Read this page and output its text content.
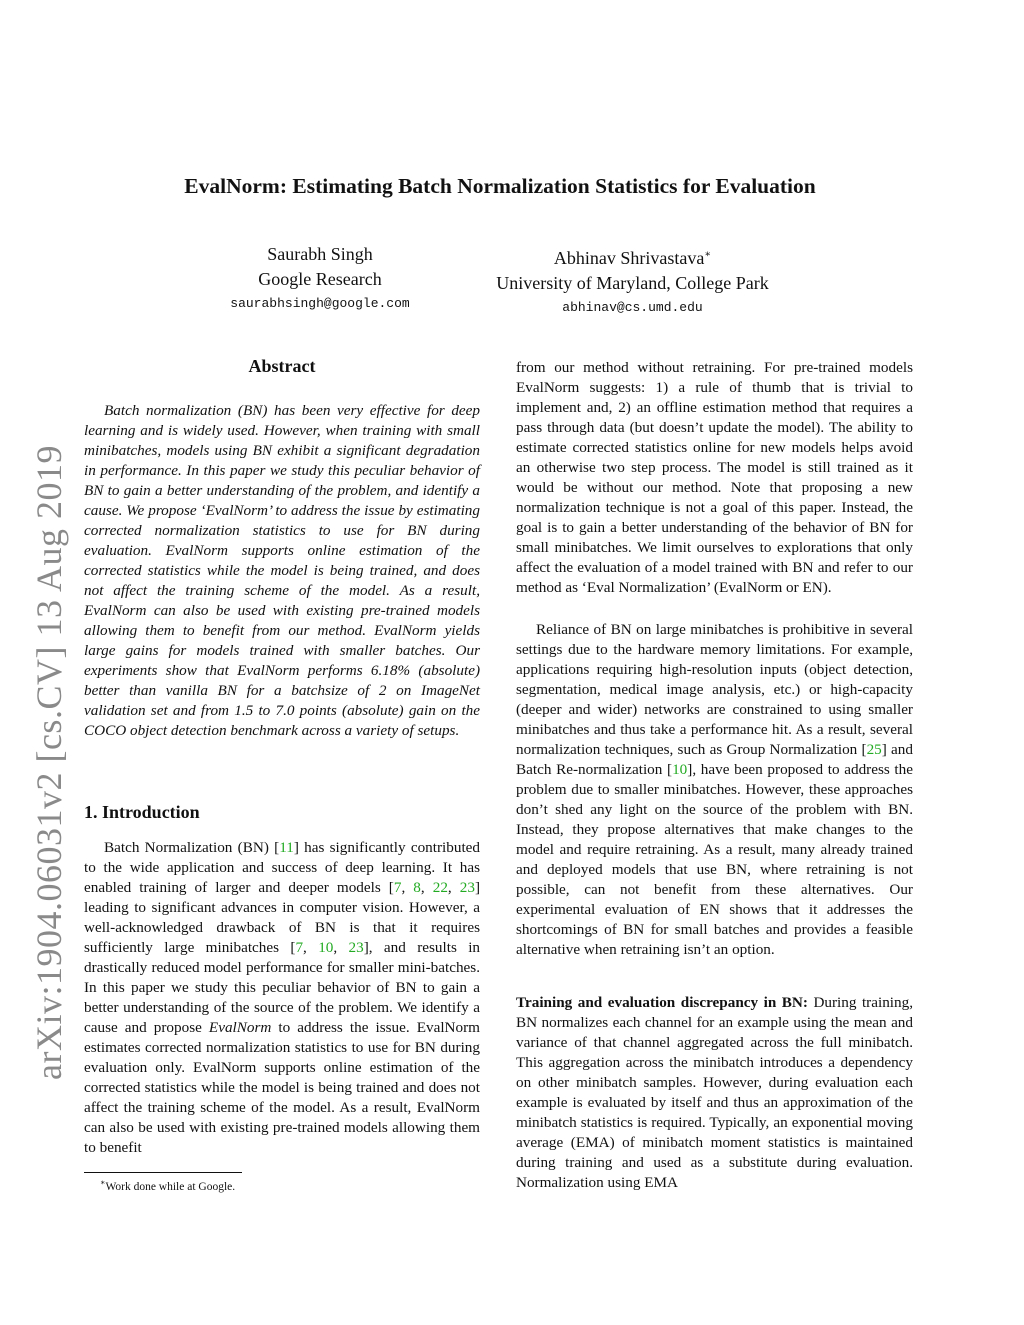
arXiv:1904.06031v2 [cs.CV] 13 Aug 2019
EvalNorm: Estimating Batch Normalization Statistics for Evaluation
Saurabh Singh
Google Research
saurabhsingh@google.com
Abhinav Shrivastava∗
University of Maryland, College Park
abhinav@cs.umd.edu
Abstract
Batch normalization (BN) has been very effective for deep learning and is widely used. However, when training with small minibatches, models using BN exhibit a significant degradation in performance. In this paper we study this peculiar behavior of BN to gain a better understanding of the problem, and identify a cause. We propose ‘EvalNorm’ to address the issue by estimating corrected normalization statistics to use for BN during evaluation. EvalNorm supports online estimation of the corrected statistics while the model is being trained, and does not affect the training scheme of the model. As a result, EvalNorm can also be used with existing pre-trained models allowing them to benefit from our method. EvalNorm yields large gains for models trained with smaller batches. Our experiments show that EvalNorm performs 6.18% (absolute) better than vanilla BN for a batchsize of 2 on ImageNet validation set and from 1.5 to 7.0 points (absolute) gain on the COCO object detection benchmark across a variety of setups.
1. Introduction
Batch Normalization (BN) [11] has significantly contributed to the wide application and success of deep learning. It has enabled training of larger and deeper models [7, 8, 22, 23] leading to significant advances in computer vision. However, a well-acknowledged drawback of BN is that it requires sufficiently large minibatches [7, 10, 23], and results in drastically reduced model performance for smaller mini-batches. In this paper we study this peculiar behavior of BN to gain a better understanding of the source of the problem. We identify a cause and propose EvalNorm to address the issue. EvalNorm estimates corrected normalization statistics to use for BN during evaluation only. EvalNorm supports online estimation of the corrected statistics while the model is being trained and does not affect the training scheme of the model. As a result, EvalNorm can also be used with existing pre-trained models allowing them to benefit
∗Work done while at Google.
from our method without retraining. For pre-trained models EvalNorm suggests: 1) a rule of thumb that is trivial to implement and, 2) an offline estimation method that requires a pass through data (but doesn’t update the model). The ability to estimate corrected statistics online for new models helps avoid an otherwise two step process. The model is still trained as it would be without our method. Note that proposing a new normalization technique is not a goal of this paper. Instead, the goal is to gain a better understanding of the behavior of BN for small minibatches. We limit ourselves to explorations that only affect the evaluation of a model trained with BN and refer to our method as ‘Eval Normalization’ (EvalNorm or EN).
Reliance of BN on large minibatches is prohibitive in several settings due to the hardware memory limitations. For example, applications requiring high-resolution inputs (object detection, segmentation, medical image analysis, etc.) or high-capacity (deeper and wider) networks are constrained to using smaller minibatches and thus take a performance hit. As a result, several normalization techniques, such as Group Normalization [25] and Batch Re-normalization [10], have been proposed to address the problem due to smaller minibatches. However, these approaches don’t shed any light on the source of the problem with BN. Instead, they propose alternatives that make changes to the model and require retraining. As a result, many already trained and deployed models that use BN, where retraining is not possible, can not benefit from these alternatives. Our experimental evaluation of EN shows that it addresses the shortcomings of BN for small batches and provides a feasible alternative when retraining isn’t an option.
Training and evaluation discrepancy in BN: During training, BN normalizes each channel for an example using the mean and variance of that channel aggregated across the full minibatch. This aggregation across the minibatch introduces a dependency on other minibatch samples. However, during evaluation each example is evaluated by itself and thus an approximation of the minibatch statistics is required. Typically, an exponential moving average (EMA) of minibatch moment statistics is maintained during training and used as a substitute during evaluation. Normalization using EMA
